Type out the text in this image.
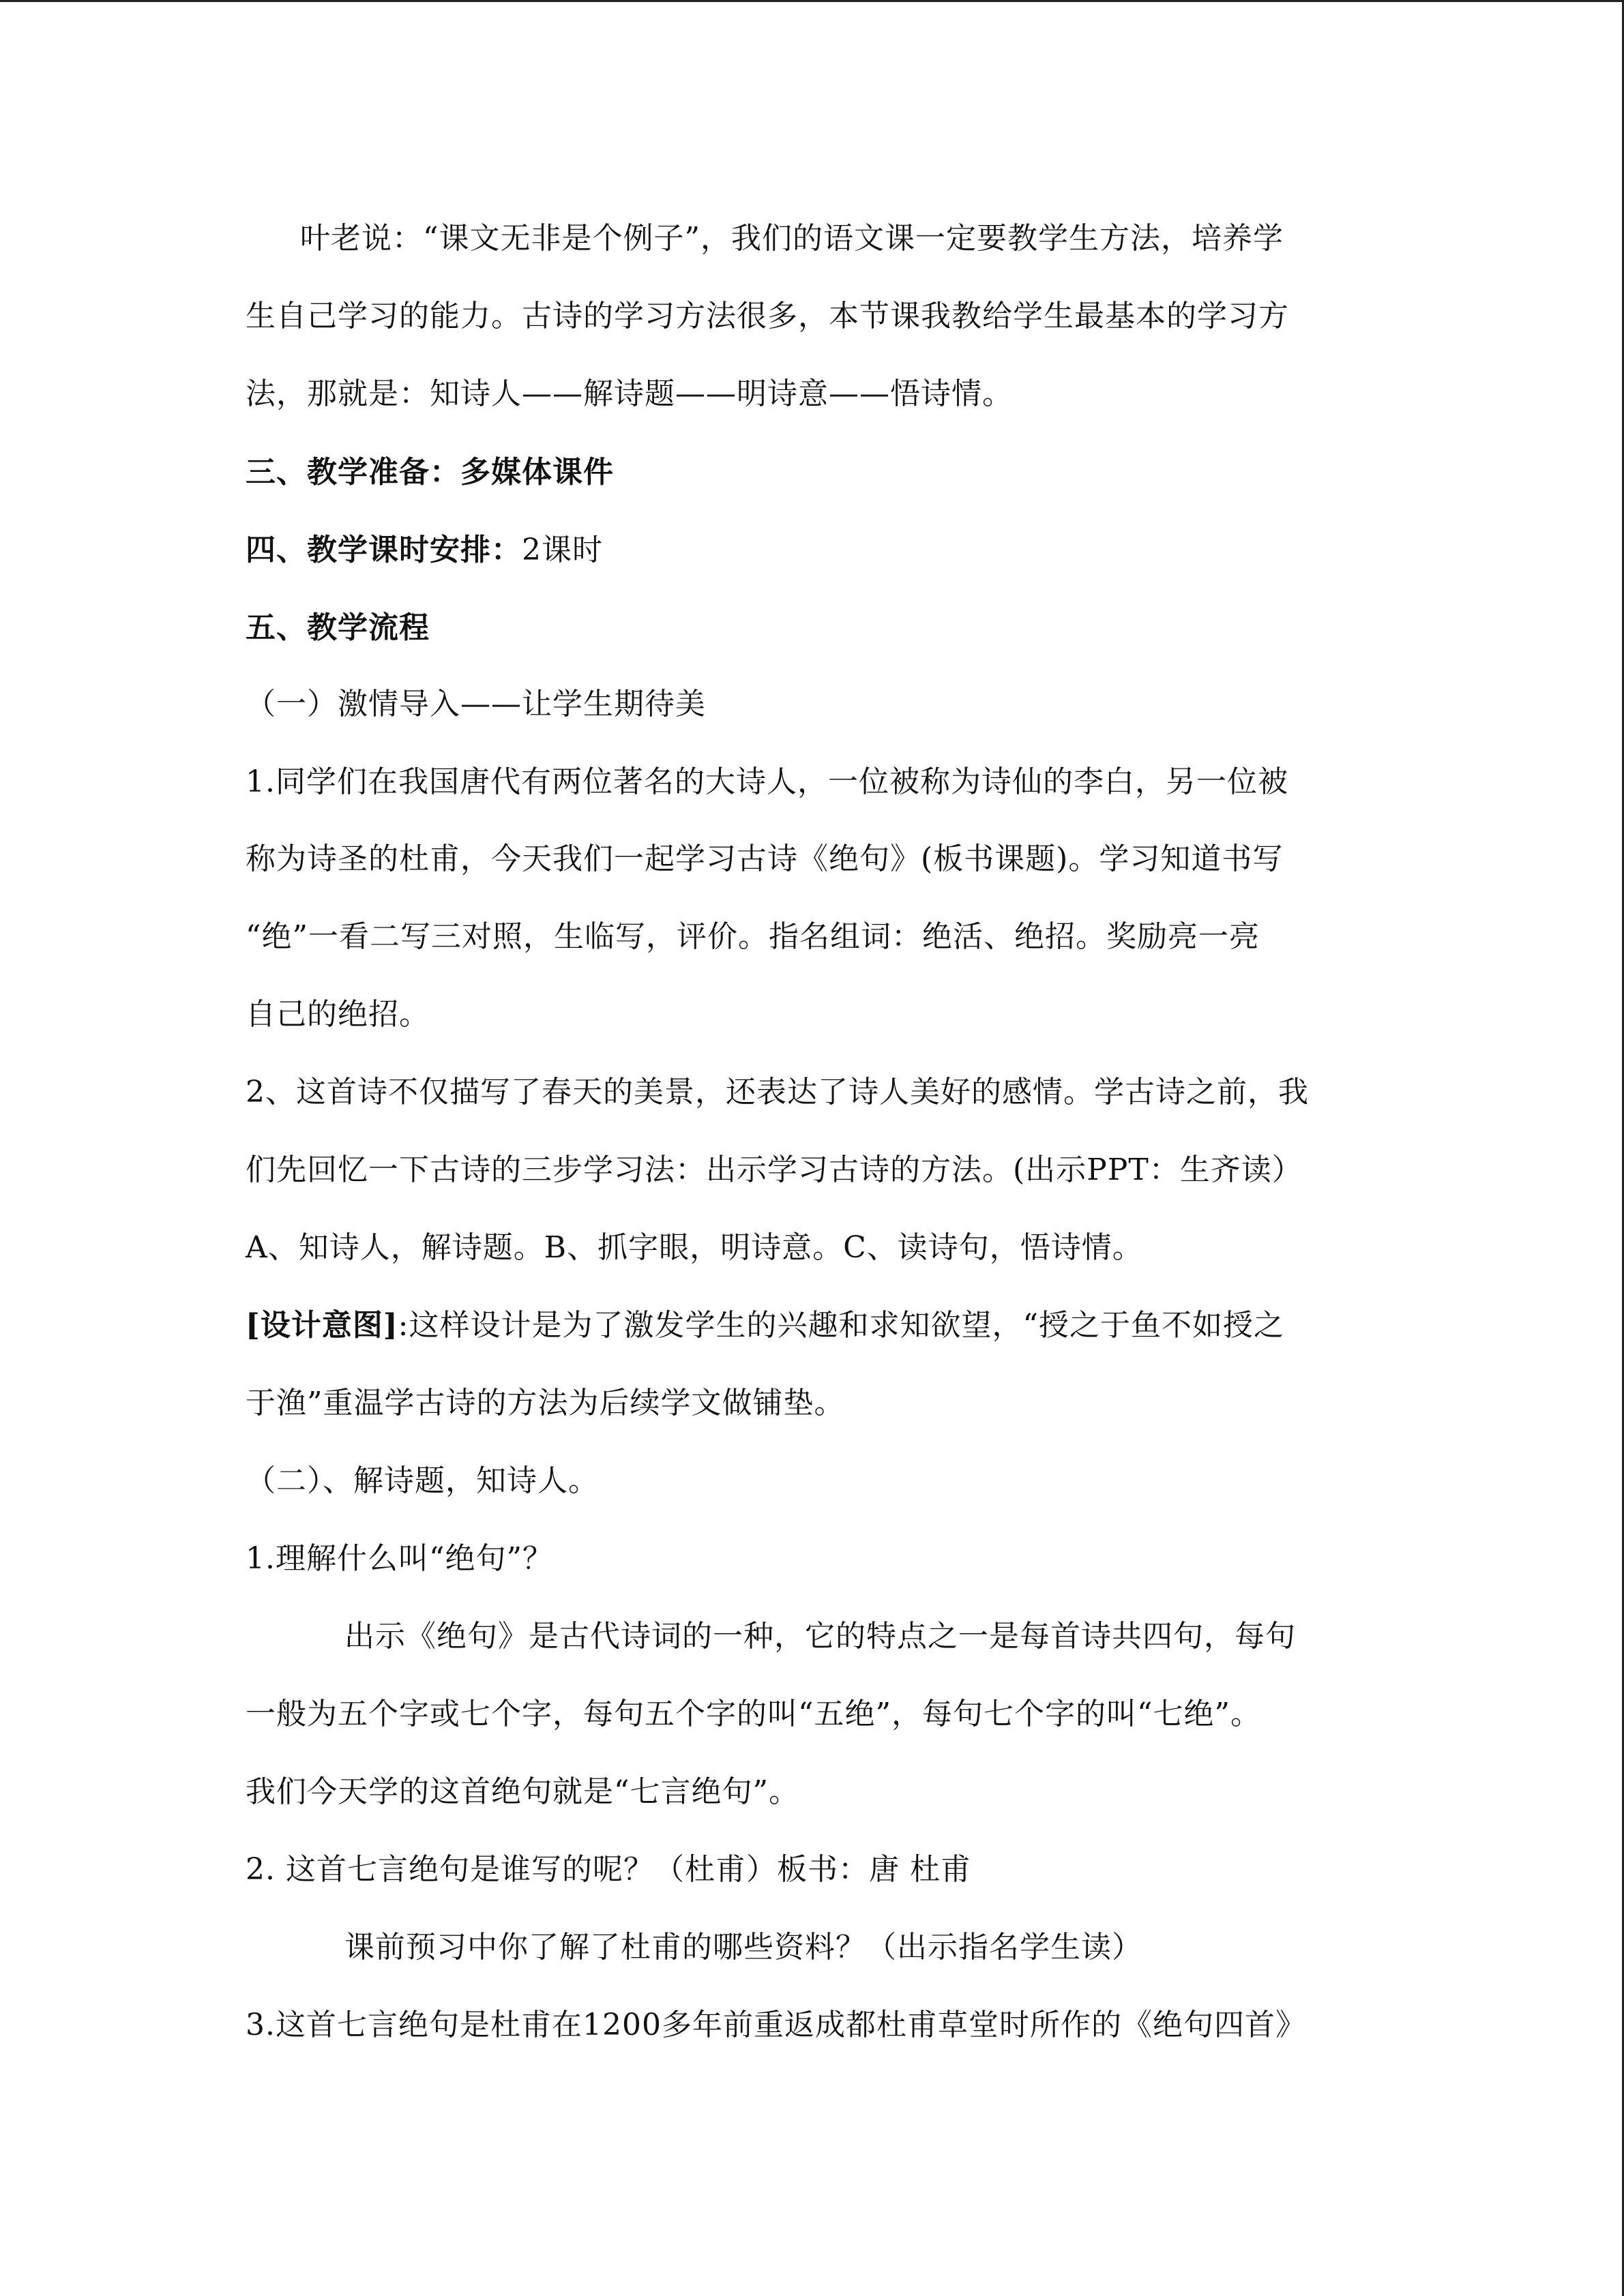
叶老说：“课文无非是个例子”，我们的语文课一定要教学生方法，培养学
生自己学习的能力。古诗的学习方法很多，本节课我教给学生最基本的学习方
法，那就是：知诗人——解诗题——明诗意——悟诗情。
三、教学准备：多媒体课件
四、教学课时安排：2课时
五、教学流程
（一）激情导入——让学生期待美
1.同学们在我国唐代有两位著名的大诗人，一位被称为诗仙的李白，另一位被
称为诗圣的杜甫，今天我们一起学习古诗《绝句》(板书课题)。学习知道书写
“绝”一看二写三对照，生临写，评价。指名组词：绝活、绝招。奖励亮一亮
自己的绝招。
2、这首诗不仅描写了春天的美景，还表达了诗人美好的感情。学古诗之前，我
们先回忆一下古诗的三步学习法：出示学习古诗的方法。(出示PPT：生齐读）
A、知诗人，解诗题。B、抓字眼，明诗意。C、读诗句，悟诗情。
[设计意图]:这样设计是为了激发学生的兴趣和求知欲望，“授之于鱼不如授之
于渔”重温学古诗的方法为后续学文做铺垫。
（二）、解诗题，知诗人。
1.理解什么叫“绝句”？
出示《绝句》是古代诗词的一种，它的特点之一是每首诗共四句，每句
一般为五个字或七个字，每句五个字的叫“五绝”，每句七个字的叫“七绝”。
我们今天学的这首绝句就是“七言绝句”。
2. 这首七言绝句是谁写的呢？（杜甫）板书：唐 杜甫
课前预习中你了解了杜甫的哪些资料？（出示指名学生读）
3.这首七言绝句是杜甫在1200多年前重返成都杜甫草堂时所作的《绝句四首》
